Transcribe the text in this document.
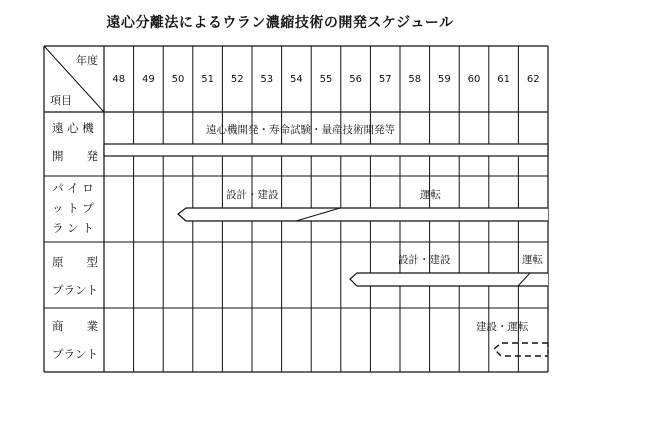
遠心分離法によるウラン濃縮技術の開発スケジュール
年度
項目
48 49 50 51 52 53 54 55 56 57 58 59 60 61 62
遠 心 機
開　　発
パ イ ロ
ッ ト プ
ラ ン ト
原　　型
プラント
商　　業
プラント
遠心機開発・寿命試験・量産技術開発等
設計・建設	運転
設計・建設	運転
建設・運転
